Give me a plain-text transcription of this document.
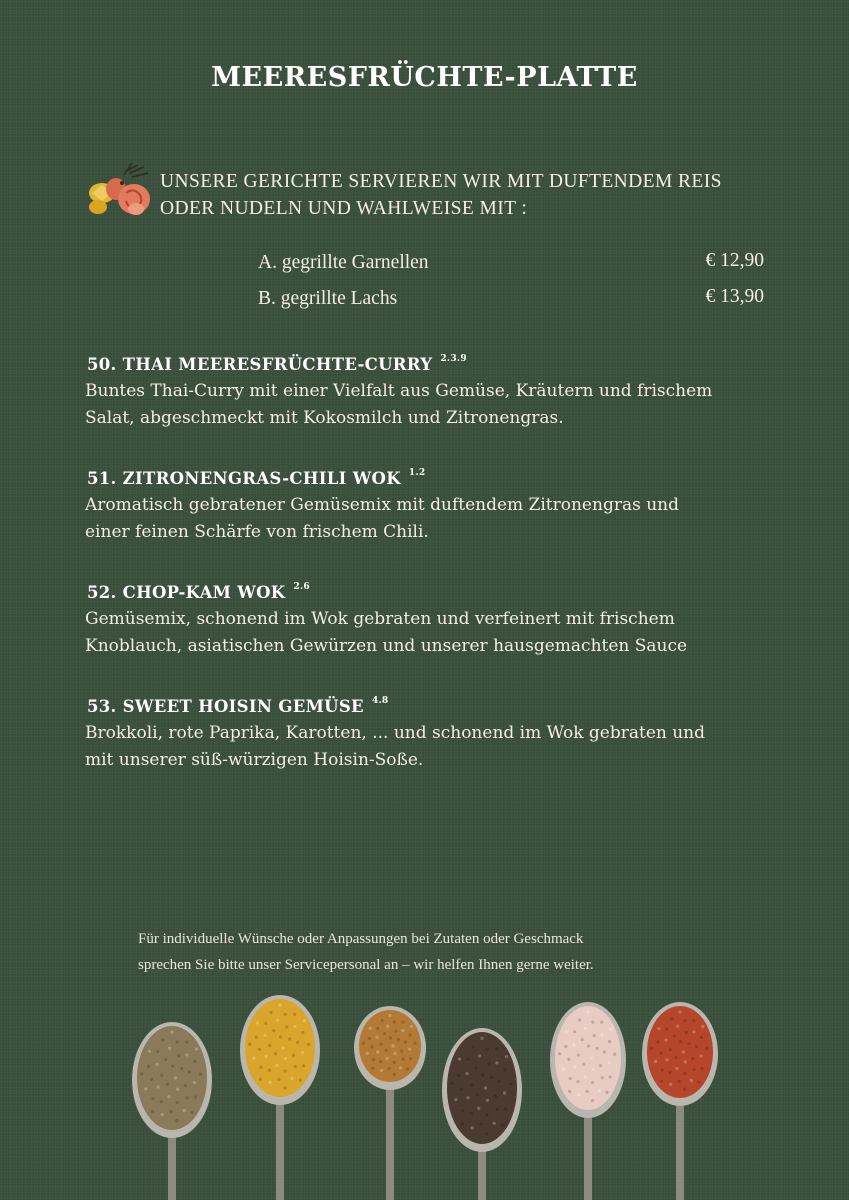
MEERESFRÜCHTE-PLATTE
UNSERE GERICHTE SERVIEREN WIR MIT DUFTENDEM REIS
ODER NUDELN UND WAHLWEISE MIT :
A. gegrillte Garnellen	€ 12,90
B. gegrillte Lachs	€ 13,90
50. THAI MEERESFRÜCHTE-CURRY $^{2.3.9}$
Buntes Thai-Curry mit einer Vielfalt aus Gemüse, Kräutern und frischem
Salat, abgeschmeckt mit Kokosmilch und Zitronengras.
51. ZITRONENGRAS-CHILI WOK $^{1.2}$
Aromatisch gebratener Gemüsemix mit duftendem Zitronengras und
einer feinen Schärfe von frischem Chili.
52. CHOP-KAM WOK $^{2.6}$
Gemüsemix, schonend im Wok gebraten und verfeinert mit frischem
Knoblauch, asiatischen Gewürzen und unserer hausgemachten Sauce
53. SWEET HOISIN GEMÜSE $^{4.8}$
Brokkoli, rote Paprika, Karotten, ... und schonend im Wok gebraten und
mit unserer süß-würzigen Hoisin-Soße.
Für individuelle Wünsche oder Anpassungen bei Zutaten oder Geschmack
sprechen Sie bitte unser Servicepersonal an – wir helfen Ihnen gerne weiter.
